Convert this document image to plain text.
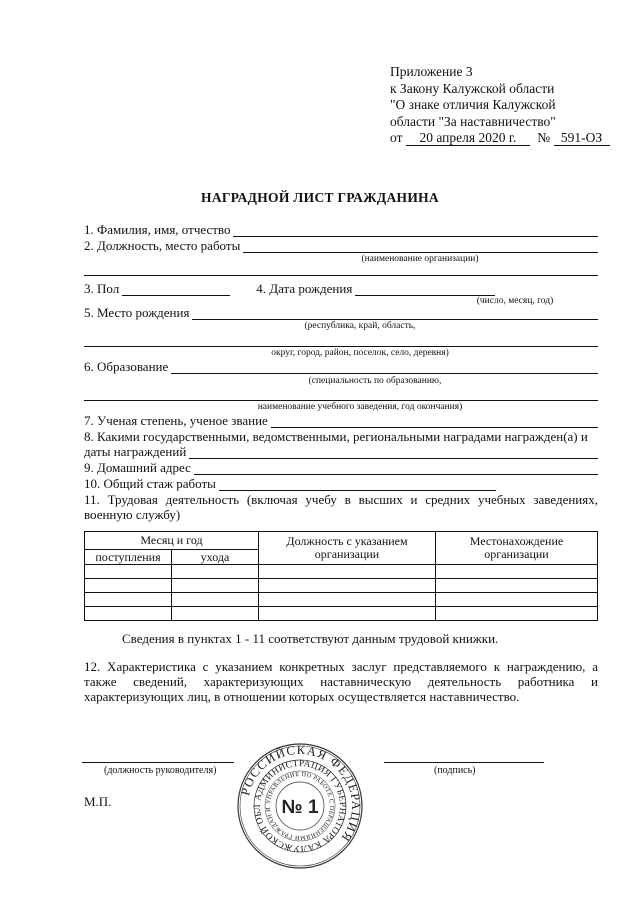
Приложение 3
к Закону Калужской области
"О знаке отличия Калужской
области "За наставничество"
от 20 апреля 2020 г. № 591-ОЗ
НАГРАДНОЙ ЛИСТ ГРАЖДАНИНА
1. Фамилия, имя, отчество
2. Должность, место работы
(наименование организации)
3. Пол	4. Дата рождения
(число, месяц, год)
5. Место рождения
(республика, край, область,
округ, город, район, поселок, село, деревня)
6. Образование
(специальность по образованию,
наименование учебного заведения, год окончания)
7. Ученая степень, ученое звание
8. Какими государственными, ведомственными, региональными наградами награжден(а) и
даты награждений
9. Домашний адрес
10. Общий стаж работы
11. Трудовая деятельность (включая учебу в высших и средних учебных заведениях, военную службу)
Месяц и год		Должность с указанием организации	Местонахождение организации
поступления	ухода		

Сведения в пунктах 1 - 11 соответствуют данным трудовой книжки.
12. Характеристика с указанием конкретных заслуг представляемого к награждению, а также сведений, характеризующих наставническую деятельность работника и характеризующих лиц, в отношении которых осуществляется наставничество.
(должность руководителя)	(подпись)
М.П.
РОССИЙСКАЯ ФЕДЕРАЦИЯ
АДМИНИСТРАЦИЯ ГУБЕРНАТОРА КАЛУЖСКОЙ ОБЛ
УПРАВЛЕНИЕ ПО РАБОТЕ С ОБРАЩЕНИЯМИ ГРАЖДАН И № 1
